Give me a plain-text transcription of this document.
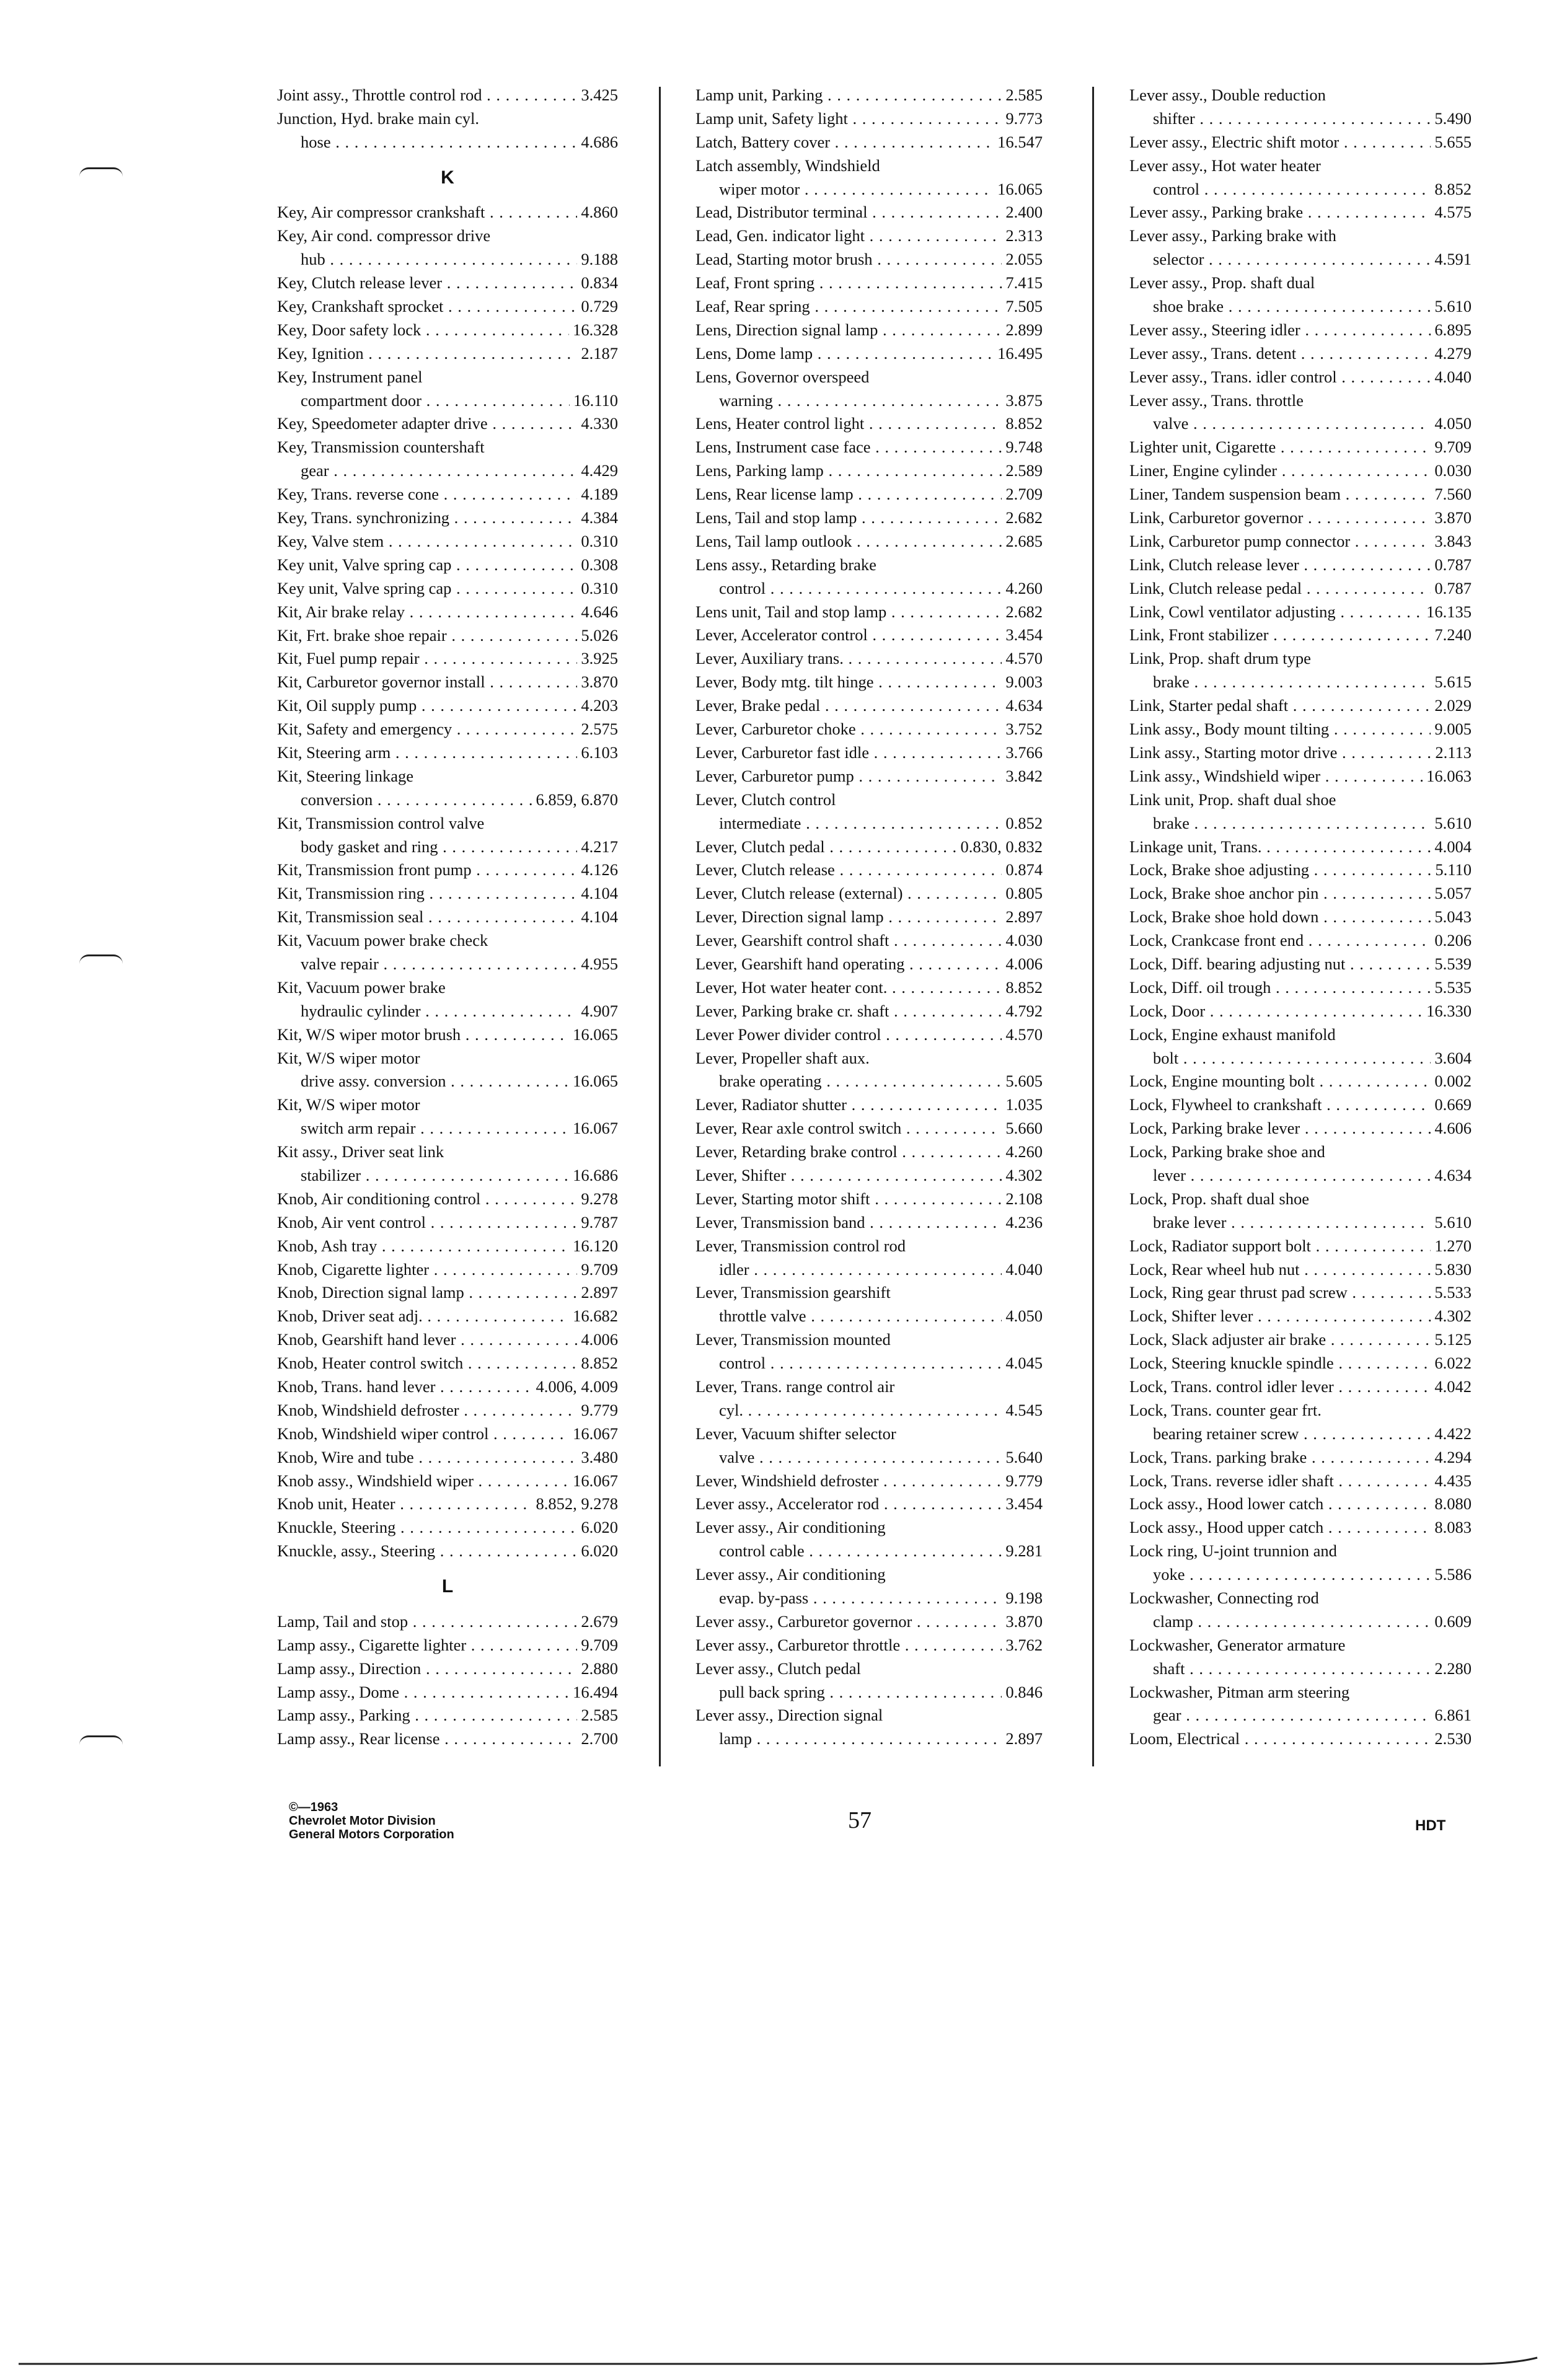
Joint assy., Throttle control rod . . .	3.425
Junction, Hyd. brake main cyl.
hose . . .	4.686
K
Key, Air compressor crankshaft . . .	4.860
Key, Air cond. compressor drive
hub . . .	9.188
Key, Clutch release lever . . .	0.834
Key, Crankshaft sprocket . . .	0.729
Key, Door safety lock . . .	16.328
Key, Ignition . . .	2.187
Key, Instrument panel
compartment door . . .	16.110
Key, Speedometer adapter drive . . .	4.330
Key, Transmission countershaft
gear . . .	4.429
Key, Trans. reverse cone . . .	4.189
Key, Trans. synchronizing . . .	4.384
Key, Valve stem . . .	0.310
Key unit, Valve spring cap . . .	0.308
Key unit, Valve spring cap . . .	0.310
Kit, Air brake relay . . .	4.646
Kit, Frt. brake shoe repair . . .	5.026
Kit, Fuel pump repair . . .	3.925
Kit, Carburetor governor install . . .	3.870
Kit, Oil supply pump . . .	4.203
Kit, Safety and emergency . . .	2.575
Kit, Steering arm . . .	6.103
Kit, Steering linkage
conversion . . .	6.859, 6.870
Kit, Transmission control valve
body gasket and ring . . .	4.217
Kit, Transmission front pump . . .	4.126
Kit, Transmission ring . . .	4.104
Kit, Transmission seal . . .	4.104
Kit, Vacuum power brake check
valve repair . . .	4.955
Kit, Vacuum power brake
hydraulic cylinder . . .	4.907
Kit, W/S wiper motor brush . . .	16.065
Kit, W/S wiper motor
drive assy. conversion . . .	16.065
Kit, W/S wiper motor
switch arm repair . . .	16.067
Kit assy., Driver seat link
stabilizer . . .	16.686
Knob, Air conditioning control . . .	9.278
Knob, Air vent control . . .	9.787
Knob, Ash tray . . .	16.120
Knob, Cigarette lighter . . .	9.709
Knob, Direction signal lamp . . .	2.897
Knob, Driver seat adj. . . .	16.682
Knob, Gearshift hand lever . . .	4.006
Knob, Heater control switch . . .	8.852
Knob, Trans. hand lever . . .	4.006, 4.009
Knob, Windshield defroster . . .	9.779
Knob, Windshield wiper control . . .	16.067
Knob, Wire and tube . . .	3.480
Knob assy., Windshield wiper . . .	16.067
Knob unit, Heater . . .	8.852, 9.278
Knuckle, Steering . . .	6.020
Knuckle, assy., Steering . . .	6.020
L
Lamp, Tail and stop . . .	2.679
Lamp assy., Cigarette lighter . . .	9.709
Lamp assy., Direction . . .	2.880
Lamp assy., Dome . . .	16.494
Lamp assy., Parking . . .	2.585
Lamp assy., Rear license . . .	2.700
Lamp unit, Parking . . .	2.585
Lamp unit, Safety light . . .	9.773
Latch, Battery cover . . .	16.547
Latch assembly, Windshield
wiper motor . . .	16.065
Lead, Distributor terminal . . .	2.400
Lead, Gen. indicator light . . .	2.313
Lead, Starting motor brush . . .	2.055
Leaf, Front spring . . .	7.415
Leaf, Rear spring . . .	7.505
Lens, Direction signal lamp . . .	2.899
Lens, Dome lamp . . .	16.495
Lens, Governor overspeed
warning . . .	3.875
Lens, Heater control light . . .	8.852
Lens, Instrument case face . . .	9.748
Lens, Parking lamp . . .	2.589
Lens, Rear license lamp . . .	2.709
Lens, Tail and stop lamp . . .	2.682
Lens, Tail lamp outlook . . .	2.685
Lens assy., Retarding brake
control . . .	4.260
Lens unit, Tail and stop lamp . . .	2.682
Lever, Accelerator control . . .	3.454
Lever, Auxiliary trans. . . .	4.570
Lever, Body mtg. tilt hinge . . .	9.003
Lever, Brake pedal . . .	4.634
Lever, Carburetor choke . . .	3.752
Lever, Carburetor fast idle . . .	3.766
Lever, Carburetor pump . . .	3.842
Lever, Clutch control
intermediate . . .	0.852
Lever, Clutch pedal . . .	0.830, 0.832
Lever, Clutch release . . .	0.874
Lever, Clutch release (external) . . .	0.805
Lever, Direction signal lamp . . .	2.897
Lever, Gearshift control shaft . . .	4.030
Lever, Gearshift hand operating . . .	4.006
Lever, Hot water heater cont. . . .	8.852
Lever, Parking brake cr. shaft . . .	4.792
Lever Power divider control . . .	4.570
Lever, Propeller shaft aux.
brake operating . . .	5.605
Lever, Radiator shutter . . .	1.035
Lever, Rear axle control switch . . .	5.660
Lever, Retarding brake control . . .	4.260
Lever, Shifter . . .	4.302
Lever, Starting motor shift . . .	2.108
Lever, Transmission band . . .	4.236
Lever, Transmission control rod
idler . . .	4.040
Lever, Transmission gearshift
throttle valve . . .	4.050
Lever, Transmission mounted
control . . .	4.045
Lever, Trans. range control air
cyl. . . .	4.545
Lever, Vacuum shifter selector
valve . . .	5.640
Lever, Windshield defroster . . .	9.779
Lever assy., Accelerator rod . . .	3.454
Lever assy., Air conditioning
control cable . . .	9.281
Lever assy., Air conditioning
evap. by-pass . . .	9.198
Lever assy., Carburetor governor . . .	3.870
Lever assy., Carburetor throttle . . .	3.762
Lever assy., Clutch pedal
pull back spring . . .	0.846
Lever assy., Direction signal
lamp . . .	2.897
Lever assy., Double reduction
shifter . . .	5.490
Lever assy., Electric shift motor . . .	5.655
Lever assy., Hot water heater
control . . .	8.852
Lever assy., Parking brake . . .	4.575
Lever assy., Parking brake with
selector . . .	4.591
Lever assy., Prop. shaft dual
shoe brake . . .	5.610
Lever assy., Steering idler . . .	6.895
Lever assy., Trans. detent . . .	4.279
Lever assy., Trans. idler control . . .	4.040
Lever assy., Trans. throttle
valve . . .	4.050
Lighter unit, Cigarette . . .	9.709
Liner, Engine cylinder . . .	0.030
Liner, Tandem suspension beam . . .	7.560
Link, Carburetor governor . . .	3.870
Link, Carburetor pump connector . . .	3.843
Link, Clutch release lever . . .	0.787
Link, Clutch release pedal . . .	0.787
Link, Cowl ventilator adjusting . . .	16.135
Link, Front stabilizer . . .	7.240
Link, Prop. shaft drum type
brake . . .	5.615
Link, Starter pedal shaft . . .	2.029
Link assy., Body mount tilting . . .	9.005
Link assy., Starting motor drive . . .	2.113
Link assy., Windshield wiper . . .	16.063
Link unit, Prop. shaft dual shoe
brake . . .	5.610
Linkage unit, Trans. . . .	4.004
Lock, Brake shoe adjusting . . .	5.110
Lock, Brake shoe anchor pin . . .	5.057
Lock, Brake shoe hold down . . .	5.043
Lock, Crankcase front end . . .	0.206
Lock, Diff. bearing adjusting nut . . .	5.539
Lock, Diff. oil trough . . .	5.535
Lock, Door . . .	16.330
Lock, Engine exhaust manifold
bolt . . .	3.604
Lock, Engine mounting bolt . . .	0.002
Lock, Flywheel to crankshaft . . .	0.669
Lock, Parking brake lever . . .	4.606
Lock, Parking brake shoe and
lever . . .	4.634
Lock, Prop. shaft dual shoe
brake lever . . .	5.610
Lock, Radiator support bolt . . .	1.270
Lock, Rear wheel hub nut . . .	5.830
Lock, Ring gear thrust pad screw . . .	5.533
Lock, Shifter lever . . .	4.302
Lock, Slack adjuster air brake . . .	5.125
Lock, Steering knuckle spindle . . .	6.022
Lock, Trans. control idler lever . . .	4.042
Lock, Trans. counter gear frt.
bearing retainer screw . . .	4.422
Lock, Trans. parking brake . . .	4.294
Lock, Trans. reverse idler shaft . . .	4.435
Lock assy., Hood lower catch . . .	8.080
Lock assy., Hood upper catch . . .	8.083
Lock ring, U-joint trunnion and
yoke . . .	5.586
Lockwasher, Connecting rod
clamp . . .	0.609
Lockwasher, Generator armature
shaft . . .	2.280
Lockwasher, Pitman arm steering
gear . . .	6.861
Loom, Electrical . . .	2.530
©—1963
Chevrolet Motor Division
General Motors Corporation
57	HDT
